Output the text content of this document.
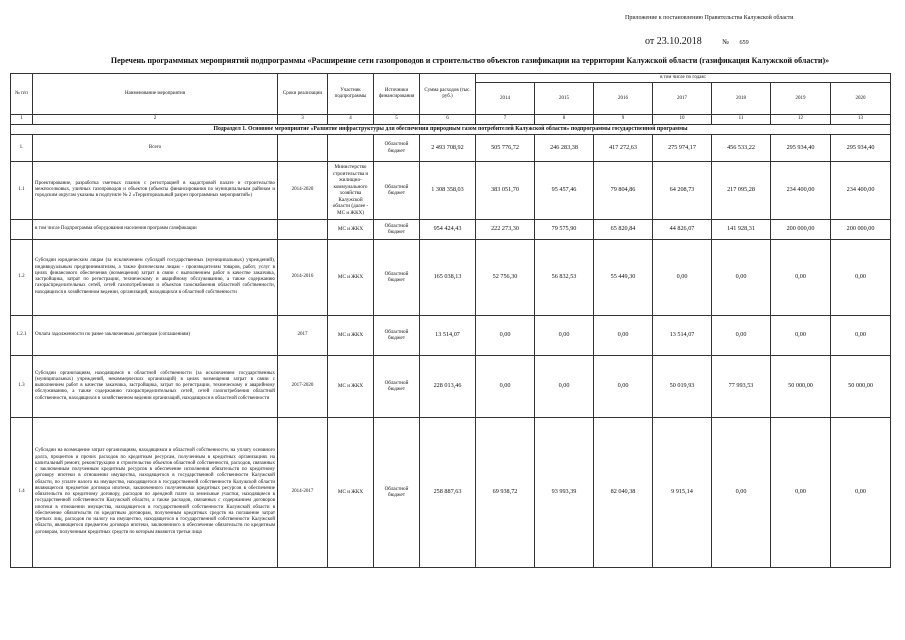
Приложение к постановлению Правительства Калужской области
от 23.10.2018	№ 659
Перечень программных мероприятий подпрограммы «Расширение сети газопроводов и строительство объектов газификации на территории Калужской области (газификация Калужской области)»
№ п/п	Наименование мероприятия	Сроки реализации	Участник подпрограммы	Источники финансирования	Сумма расходов (тыс. руб.)	в том числе по годам:						
						2014	2015	2016	2017	2018	2019	2020
1	2	3	4	5	6	7	8	9	10	11	12	13
Подраздел 1. Основное мероприятие «Развитие инфраструктуры для обеспечения природным газом потребителей Калужской области» подпрограммы государственной программы												
1.	Всего			Областной бюджет	2 493 708,92	505 776,72	246 283,38	417 272,63	275 974,17	456 533,22	295 934,40	295 934,40
1.1	Проектирование, разработка сметных планов с регистрацией в кадастровой палате и строительство межпоселковых, уличных газопроводов и объектов (объекты финансирования по муниципальным районам и городским округам указаны в подпункте № 2 «Территориальный разрез программных мероприятий»)	2014-2020	Министерство строительства и жилищно-коммунального хозяйства Калужской области (далее - МС и ЖКХ)	Областной бюджет	1 308 358,03	383 051,70	95 457,46	79 804,86	64 208,73	217 095,28	234 400,00	234 400,00
	в том числе Подпрограмма оборудования населения программ газификации		МС и ЖКХ	Областной бюджет	954 424,43	222 273,30	79 575,90	65 820,84	44 826,07	141 928,31	200 000,00	200 000,00
1.2	Субсидии юридическим лицам (за исключением субсидий государственных (муниципальных) учреждений), индивидуальным предпринимателям, а также физическим лицам - производителям товаров, работ, услуг в целях финансового обеспечения (возмещения) затрат в связи с выполнением работ в качестве заказчика, застройщика, затрат по регистрации, техническому и аварийному обслуживанию, а также содержанию газораспределительных сетей, сетей газопотребления и объектов газоснабжения областной собственности, находящихся в хозяйственном ведении, организаций, находящихся в областной собственности	2014-2016	МС и ЖКХ	Областной бюджет	165 038,13	52 756,30	56 832,53	55 449,30	0,00	0,00	0,00	0,00
1.2.1	Оплата задолженности по ранее заключенным договорам (соглашениям)	2017	МС и ЖКХ	Областной бюджет	13 514,07	0,00	0,00	0,00	13 514,07	0,00	0,00	0,00
1.3	Субсидии организациям, находящимся в областной собственности (за исключением государственных (муниципальных) учреждений, некоммерческих организаций) в целях возмещения затрат в связи с выполнением работ в качестве заказчика, застройщика, затрат по регистрации, техническому и аварийному обслуживанию, а также содержанию газораспределительных сетей, сетей газопотребления областной собственности, находящихся в хозяйственном ведении организаций, находящихся в областной собственности	2017-2020	МС и ЖКХ	Областной бюджет	228 013,46	0,00	0,00	0,00	50 019,93	77 993,53	50 000,00	50 000,00
1.4	Субсидии на возмещение затрат организациям, находящимся в областной собственности, на уплату основного долга, процентов и прочих расходов по кредитным ресурсам, полученным в кредитных организациях на капитальный ремонт, реконструкцию и строительство объектов областной собственности, расходов, связанных с заключенным полученным кредитным ресурсов в обеспечение исполнения обязательств по кредитному договору ипотеки в отношении имущества, находящегося в государственной собственности Калужской области, по уплате налога на имущество, находящегося в государственной собственности Калужской области являющегося предметом договора ипотеки, заключенного полученными кредитных ресурсов в обеспечение обязательств по кредитному договору, расходов по арендной плате за земельные участки, находящиеся в государственной собственности Калужской области, а также расходов, связанных с содержанием договоров ипотеки в отношении имущества, находящегося в государственной собственности Калужской области в обеспечение обязательств по кредитным договорам, полученным кредитных средств на погашение затрат третьих лиц, расходов по налогу на имущество, находящегося в государственной собственности Калужской области, являющегося предметом договора ипотеки, заключенного в обеспечение обязательств по кредитным договорам, полученным кредитных средств по которым являются третьи лица	2014-2017	МС и ЖКХ	Областной бюджет	258 887,63	69 938,72	93 993,39	82 040,38	9 915,14	0,00	0,00	0,00
